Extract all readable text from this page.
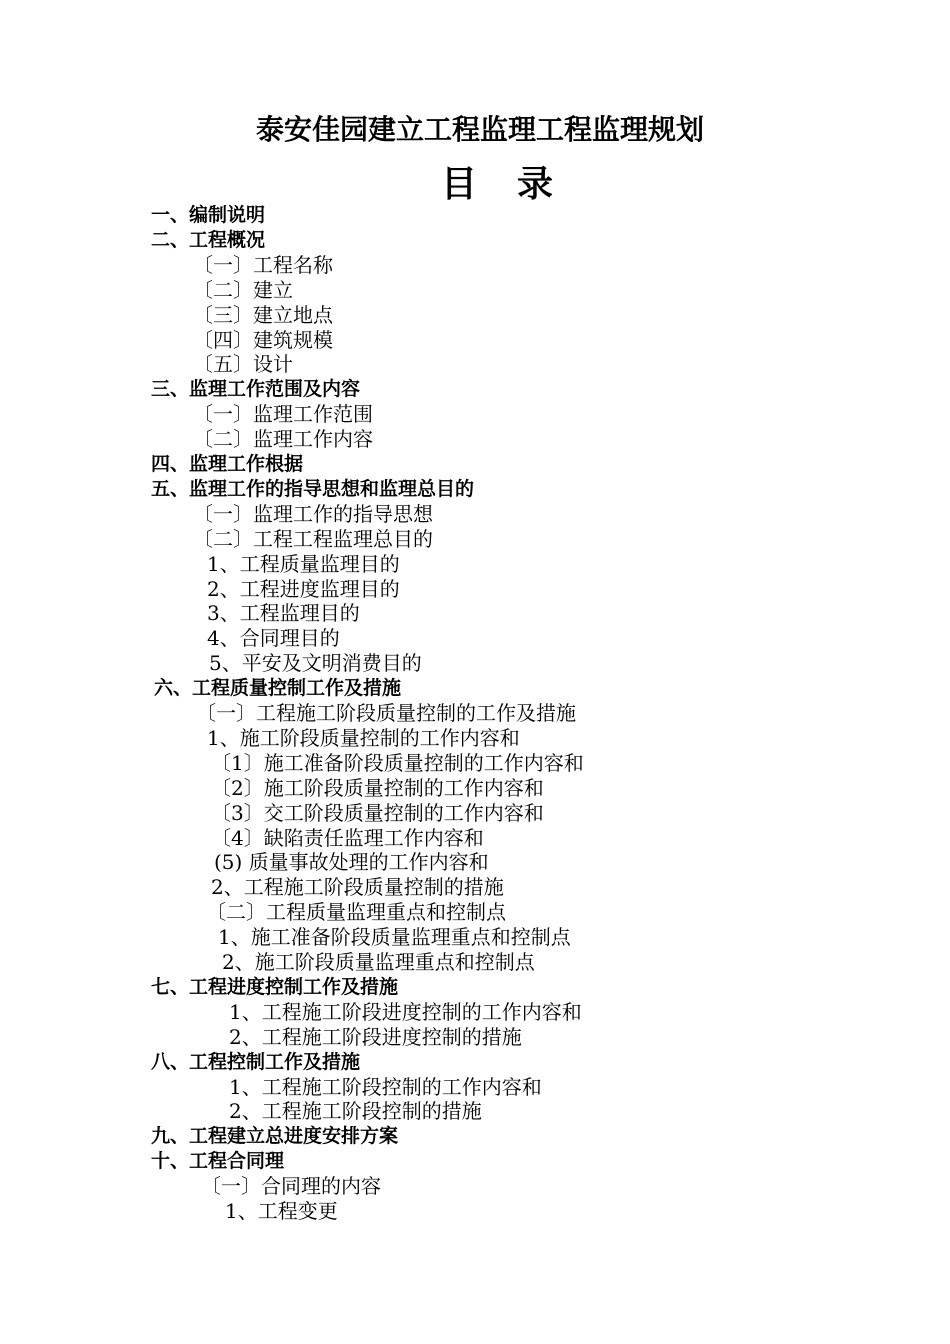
泰安佳园建立工程监理工程监理规划
目 录
一、编制说明
二、工程概况
〔一〕工程名称
〔二〕建立
〔三〕建立地点
〔四〕建筑规模
〔五〕设计
三、监理工作范围及内容
〔一〕监理工作范围
〔二〕监理工作内容
四、监理工作根据
五、监理工作的指导思想和监理总目的
〔一〕监理工作的指导思想
〔二〕工程工程监理总目的
1、工程质量监理目的
2、工程进度监理目的
3、工程监理目的
4、合同理目的
5、平安及文明消费目的
六、工程质量控制工作及措施
〔一〕工程施工阶段质量控制的工作及措施
1、施工阶段质量控制的工作内容和
〔1〕施工准备阶段质量控制的工作内容和
〔2〕施工阶段质量控制的工作内容和
〔3〕交工阶段质量控制的工作内容和
〔4〕缺陷责任监理工作内容和
(5) 质量事故处理的工作内容和
2、工程施工阶段质量控制的措施
〔二〕工程质量监理重点和控制点
1、施工准备阶段质量监理重点和控制点
2、施工阶段质量监理重点和控制点
七、工程进度控制工作及措施
1、工程施工阶段进度控制的工作内容和
2、工程施工阶段进度控制的措施
八、工程控制工作及措施
1、工程施工阶段控制的工作内容和
2、工程施工阶段控制的措施
九、工程建立总进度安排方案
十、工程合同理
〔一〕合同理的内容
1、工程变更
